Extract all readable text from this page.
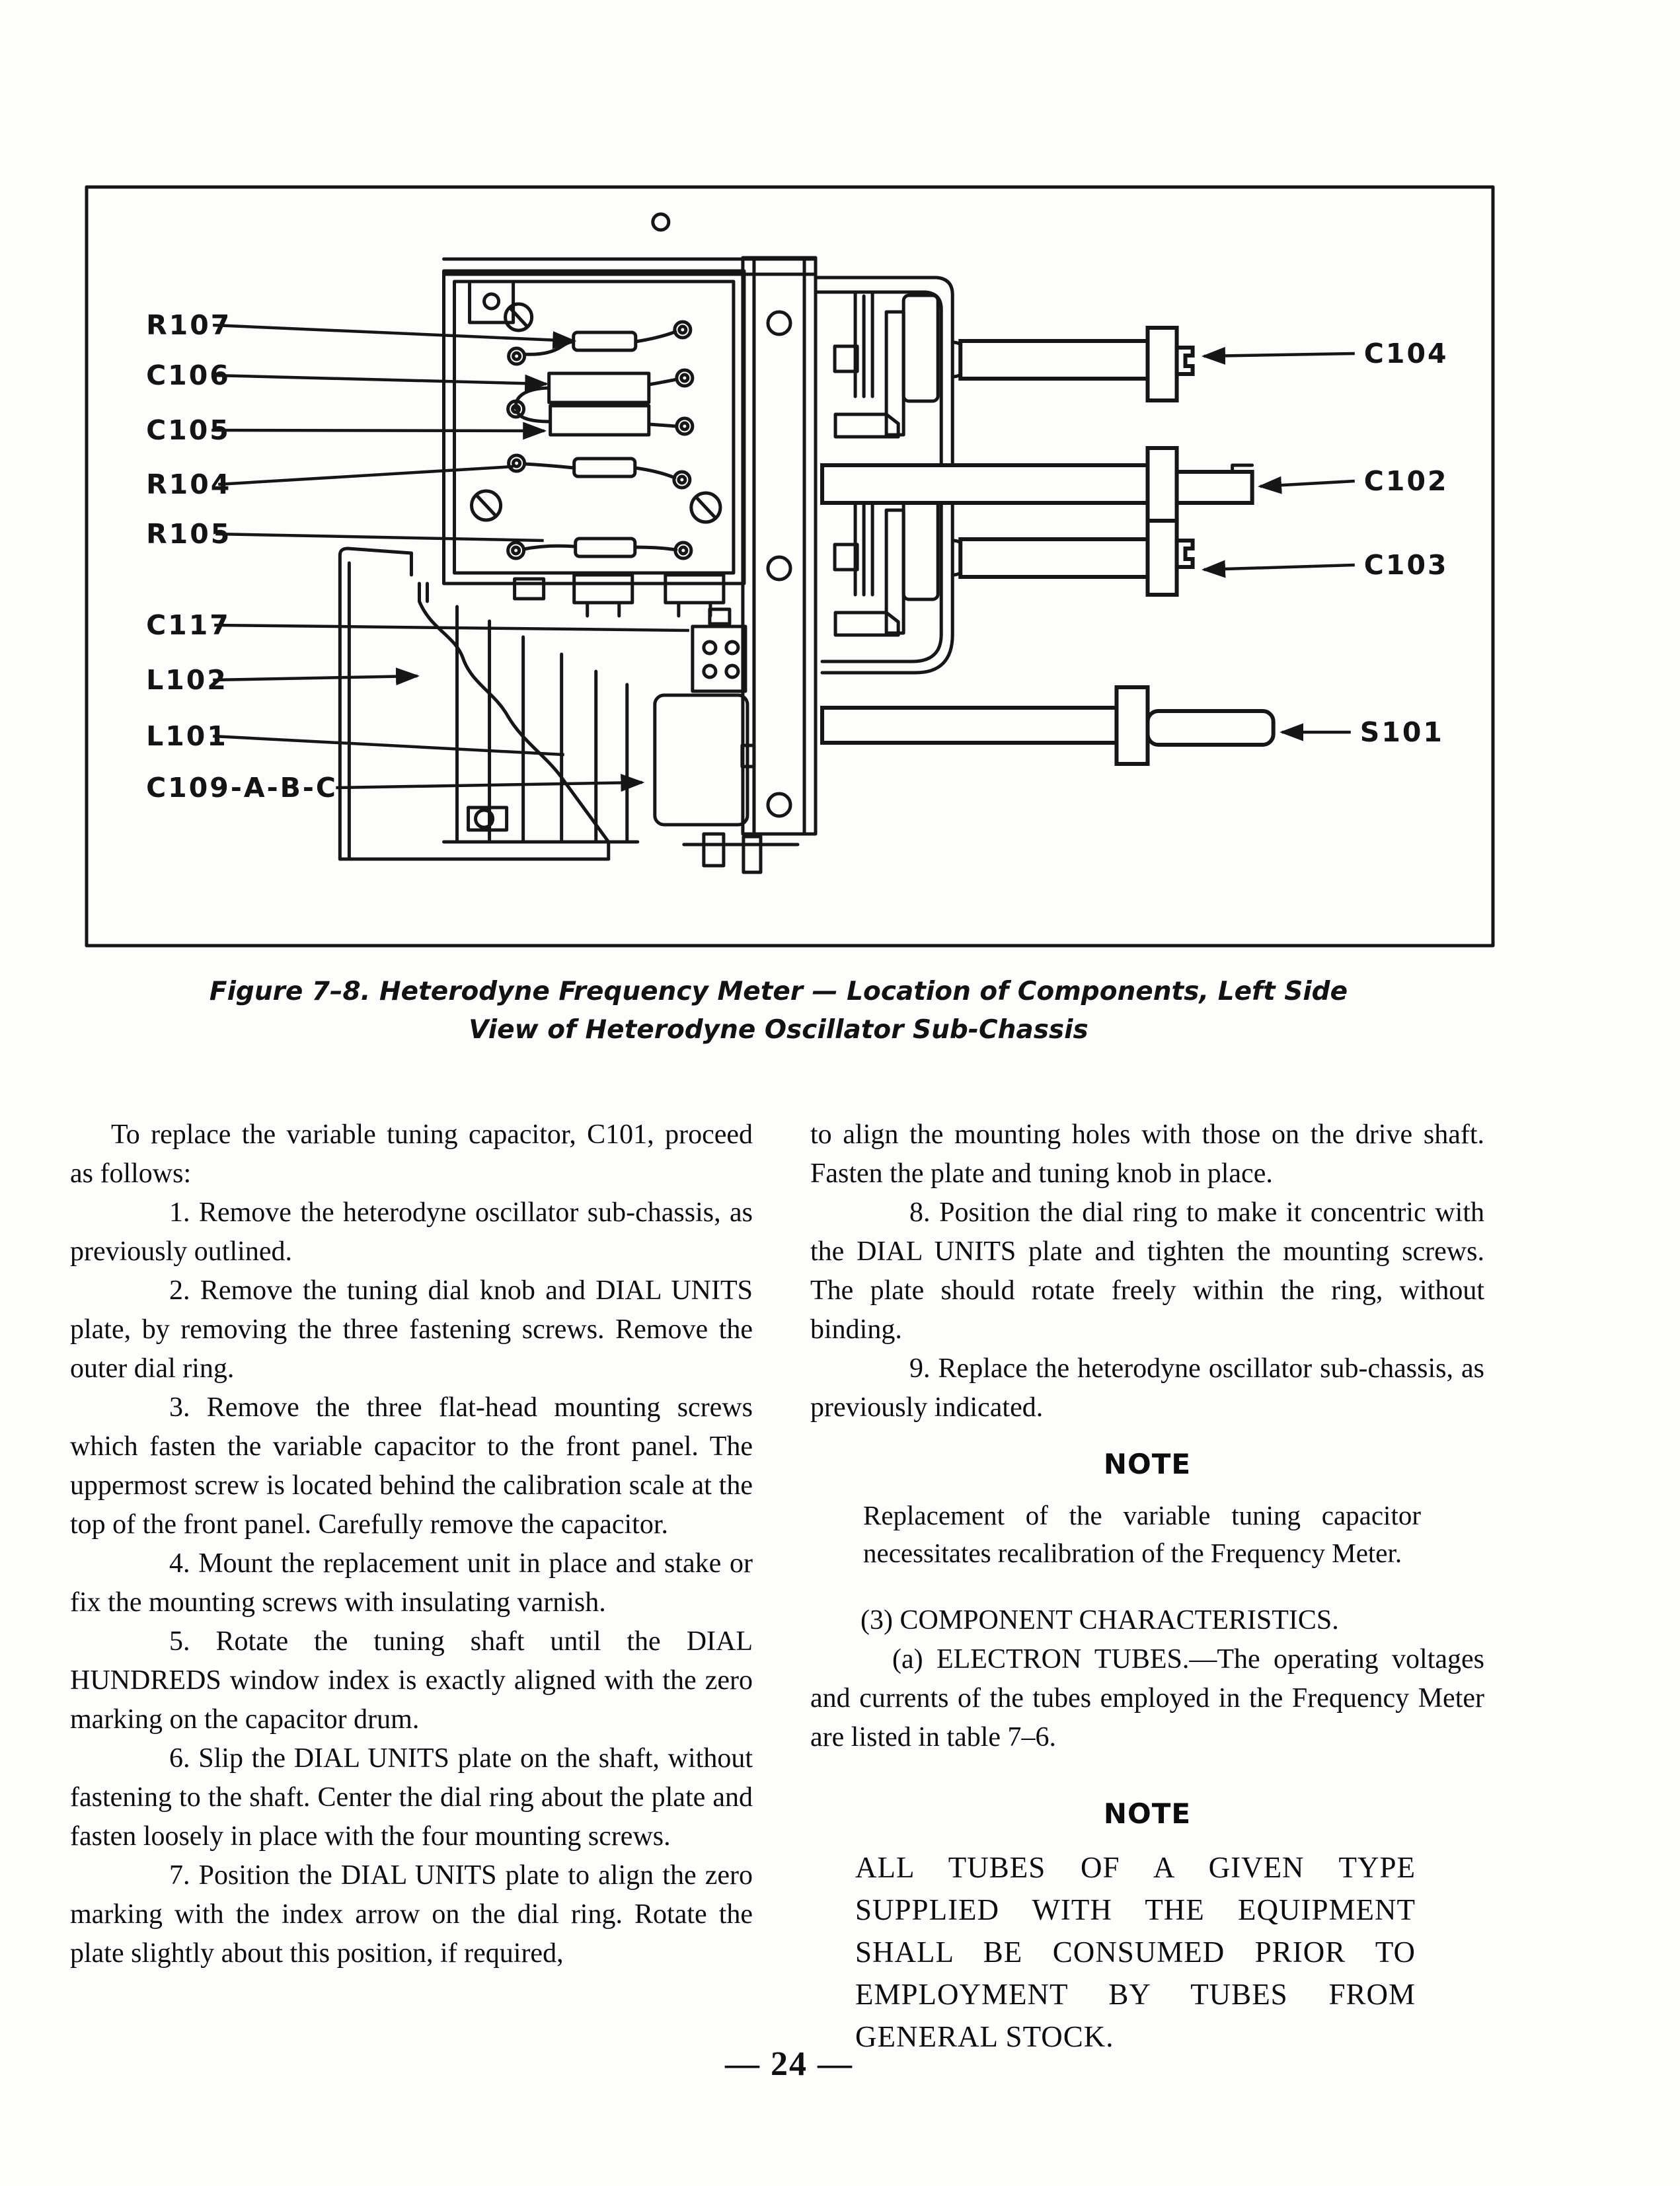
R107
C106
C105
R104
R105
C117
L102
L101
C109-A-B-C
C104
C102
C103
S101
Figure 7–8. Heterodyne Frequency Meter — Location of Components, Left Side
View of Heterodyne Oscillator Sub-Chassis

To replace the variable tuning capacitor, C101, proceed as follows:

1. Remove the heterodyne oscillator sub-chassis, as previously outlined.

2. Remove the tuning dial knob and DIAL UNITS plate, by removing the three fastening screws. Remove the outer dial ring.

3. Remove the three flat-head mounting screws which fasten the variable capacitor to the front panel. The uppermost screw is located behind the calibration scale at the top of the front panel. Carefully remove the capacitor.

4. Mount the replacement unit in place and stake or fix the mounting screws with insulating varnish.

5. Rotate the tuning shaft until the DIAL HUNDREDS window index is exactly aligned with the zero marking on the capacitor drum.

6. Slip the DIAL UNITS plate on the shaft, without fastening to the shaft. Center the dial ring about the plate and fasten loosely in place with the four mounting screws.

7. Position the DIAL UNITS plate to align the zero marking with the index arrow on the dial ring. Rotate the plate slightly about this position, if required,

to align the mounting holes with those on the drive shaft. Fasten the plate and tuning knob in place.

8. Position the dial ring to make it concentric with the DIAL UNITS plate and tighten the mounting screws. The plate should rotate freely within the ring, without binding.

9. Replace the heterodyne oscillator sub-chassis, as previously indicated.

NOTE

Replacement of the variable tuning capacitor necessitates recalibration of the Frequency Meter.

(3) COMPONENT CHARACTERISTICS.

(a) ELECTRON TUBES.—The operating voltages and currents of the tubes employed in the Frequency Meter are listed in table 7–6.

NOTE

ALL TUBES OF A GIVEN TYPE SUPPLIED WITH THE EQUIPMENT SHALL BE CONSUMED PRIOR TO EMPLOYMENT BY TUBES FROM GENERAL STOCK.

— 24 —
